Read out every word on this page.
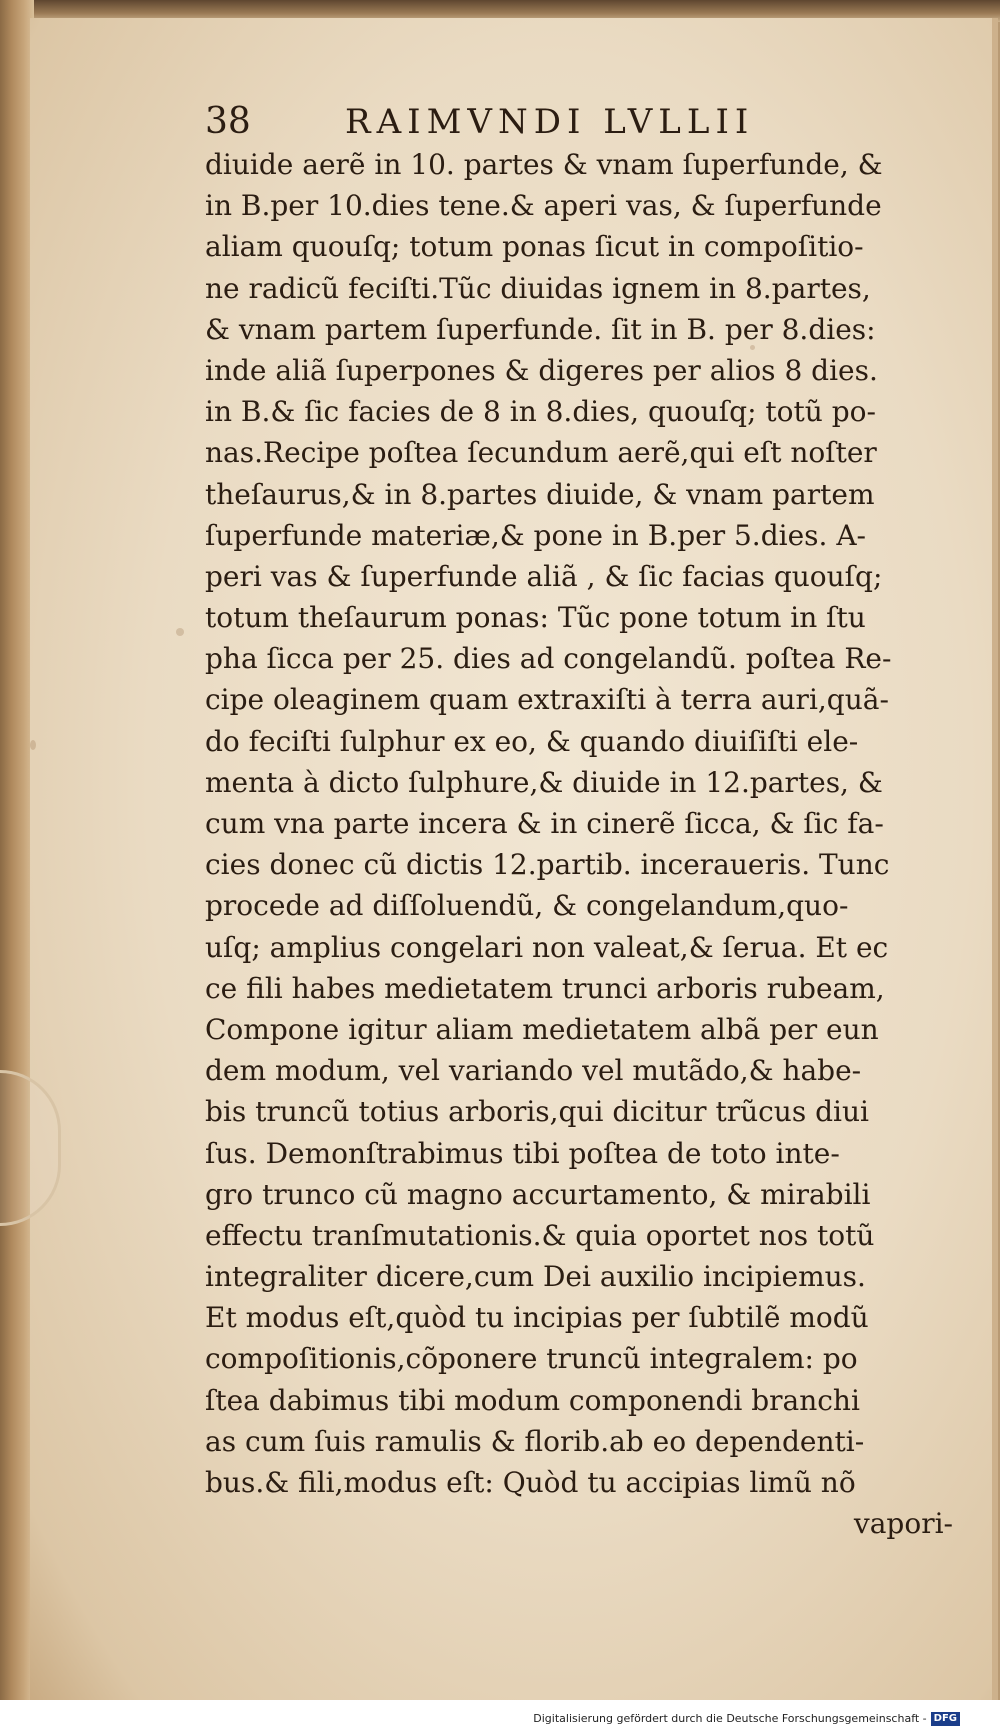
38	RAIMVNDI LVLLII
diuide aerẽ in 10. partes & vnam ſuperfunde, &
in B.per 10.dies tene.& aperi vas, & ſuperfunde
aliam quouſq; totum ponas ſicut in compoſitio-
ne radicũ feciſti.Tũc diuidas ignem in 8.partes,
& vnam partem ſuperfunde. ſit in B. per 8.dies:
inde aliã ſuperpones & digeres per alios 8 dies.
in B.& ſic facies de 8 in 8.dies, quouſq; totũ po-
nas.Recipe poſtea ſecundum aerẽ,qui eſt noſter
theſaurus,& in 8.partes diuide, & vnam partem
ſuperfunde materiæ,& pone in B.per 5.dies. A-
peri vas & ſuperfunde aliã , & ſic facias quouſq;
totum theſaurum ponas: Tũc pone totum in ſtu
pha ſicca per 25. dies ad congelandũ. poſtea Re-
cipe oleaginem quam extraxiſti à terra auri,quã-
do feciſti ſulphur ex eo, & quando diuiſiſti ele-
menta à dicto ſulphure,& diuide in 12.partes, &
cum vna parte incera & in cinerẽ ſicca, & ſic fa-
cies donec cũ dictis 12.partib. inceraueris. Tunc
procede ad diſſoluendũ, & congelandum,quo-
uſq; amplius congelari non valeat,& ſerua. Et ec
ce fili habes medietatem trunci arboris rubeam,
Compone igitur aliam medietatem albã per eun
dem modum, vel variando vel mutãdo,& habe-
bis truncũ totius arboris,qui dicitur trũcus diui
ſus. Demonſtrabimus tibi poſtea de toto inte-
gro trunco cũ magno accurtamento, & mirabili
effectu tranſmutationis.& quia oportet nos totũ
integraliter dicere,cum Dei auxilio incipiemus.
Et modus eſt,quòd tu incipias per ſubtilẽ modũ
compoſitionis,cõponere truncũ integralem: po
ſtea dabimus tibi modum componendi branchi
as cum ſuis ramulis & florib.ab eo dependenti-
bus.& fili,modus eſt: Quòd tu accipias limũ nõ
vapori-
Digitalisierung gefördert durch die Deutsche Forschungsgemeinschaft - DFG
